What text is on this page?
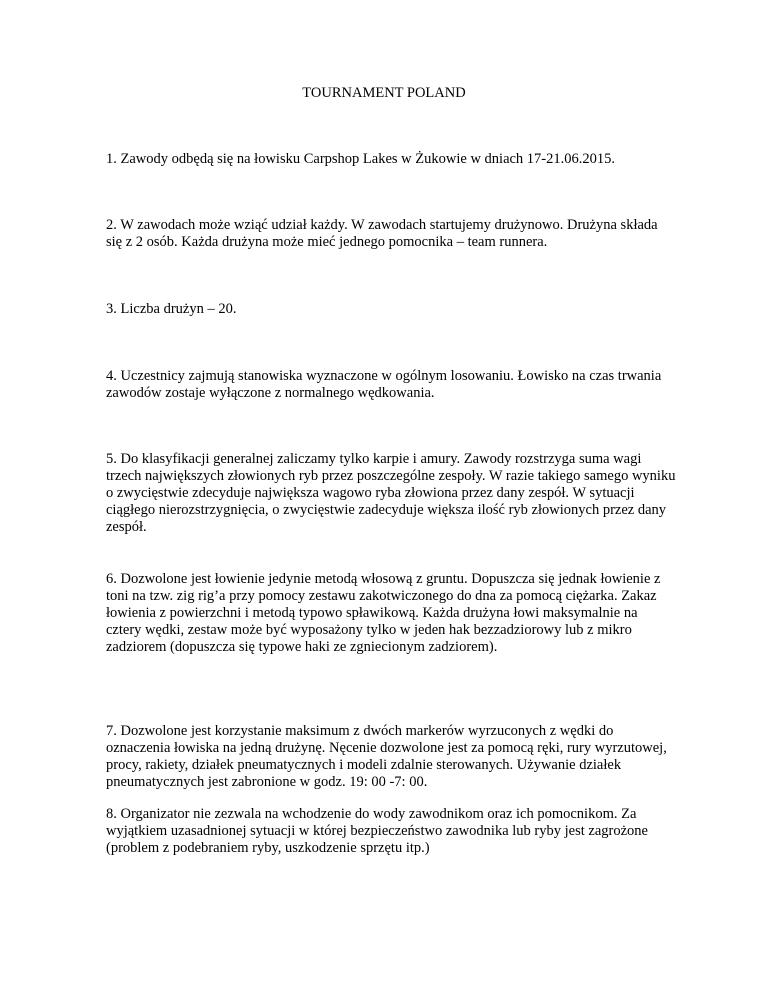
TOURNAMENT POLAND

1. Zawody odbędą się na łowisku Carpshop Lakes w Żukowie w dniach 17-21.06.2015.

2. W zawodach może wziąć udział każdy. W zawodach startujemy drużynowo. Drużyna składa się z 2 osób. Każda drużyna może mieć jednego pomocnika – team runnera.

3. Liczba drużyn – 20.

4. Uczestnicy zajmują stanowiska wyznaczone w ogólnym losowaniu. Łowisko na czas trwania zawodów zostaje wyłączone z normalnego wędkowania.

5. Do klasyfikacji generalnej zaliczamy tylko karpie i amury. Zawody rozstrzyga suma wagi trzech największych złowionych ryb przez poszczególne zespoły. W razie takiego samego wyniku o zwycięstwie zdecyduje największa wagowo ryba złowiona przez dany zespół. W sytuacji ciągłego nierozstrzygnięcia, o zwycięstwie zadecyduje większa ilość ryb złowionych przez dany zespół.

6. Dozwolone jest łowienie jedynie metodą włosową z gruntu. Dopuszcza się jednak łowienie z toni na tzw. zig rig’a przy pomocy zestawu zakotwiczonego do dna za pomocą ciężarka. Zakaz łowienia z powierzchni i metodą typowo spławikową. Każda drużyna łowi maksymalnie na cztery wędki, zestaw może być wyposażony tylko w jeden hak bezzadziorowy lub z mikro zadziorem (dopuszcza się typowe haki ze zgniecionym zadziorem).

7. Dozwolone jest korzystanie maksimum z dwóch markerów wyrzuconych z wędki do oznaczenia łowiska na jedną drużynę. Nęcenie dozwolone jest za pomocą ręki, rury wyrzutowej, procy, rakiety, działek pneumatycznych i modeli zdalnie sterowanych. Używanie działek pneumatycznych jest zabronione w godz. 19: 00 -7: 00.

8. Organizator nie zezwala na wchodzenie do wody zawodnikom oraz ich pomocnikom. Za wyjątkiem uzasadnionej sytuacji w której bezpieczeństwo zawodnika lub ryby jest zagrożone (problem z podebraniem ryby, uszkodzenie sprzętu itp.)
